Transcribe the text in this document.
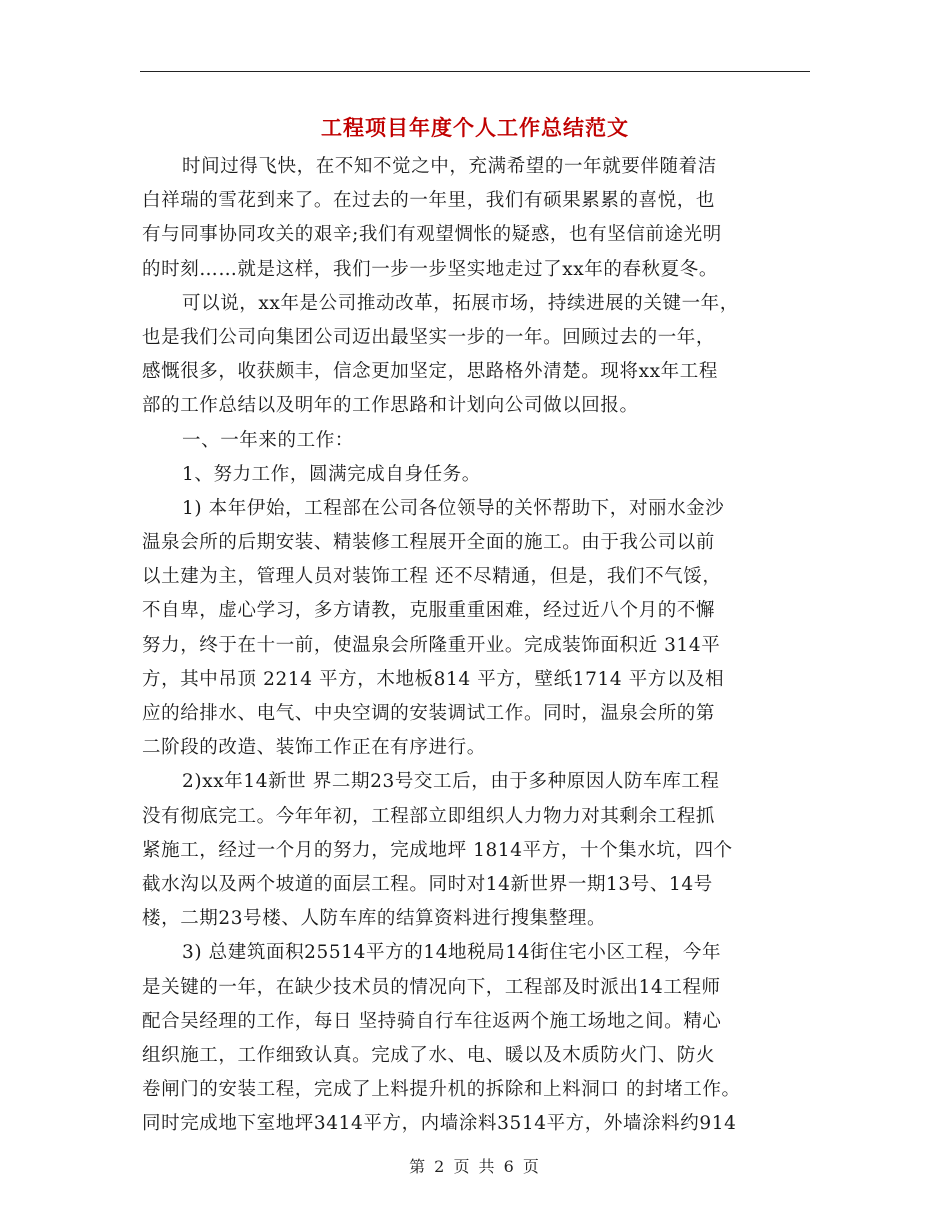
工程项目年度个人工作总结范文
时间过得飞快，在不知不觉之中，充满希望的一年就要伴随着洁
白祥瑞的雪花到来了。在过去的一年里，我们有硕果累累的喜悦，也
有与同事协同攻关的艰辛;我们有观望惆怅的疑惑，也有坚信前途光明
的时刻……就是这样，我们一步一步坚实地走过了xx年的春秋夏冬。
可以说，xx年是公司推动改革，拓展市场，持续进展的关键一年，
也是我们公司向集团公司迈出最坚实一步的一年。回顾过去的一年，
感慨很多，收获颇丰，信念更加坚定，思路格外清楚。现将xx年工程
部的工作总结以及明年的工作思路和计划向公司做以回报。
一、一年来的工作：
1、努力工作，圆满完成自身任务。
1) 本年伊始，工程部在公司各位领导的关怀帮助下，对丽水金沙
温泉会所的后期安装、精装修工程展开全面的施工。由于我公司以前
以土建为主，管理人员对装饰工程 还不尽精通，但是，我们不气馁，
不自卑，虚心学习，多方请教，克服重重困难，经过近八个月的不懈
努力，终于在十一前，使温泉会所隆重开业。完成装饰面积近 314平
方，其中吊顶 2214 平方，木地板814 平方，壁纸1714 平方以及相
应的给排水、电气、中央空调的安装调试工作。同时，温泉会所的第
二阶段的改造、装饰工作正在有序进行。
2)xx年14新世 界二期23号交工后，由于多种原因人防车库工程
没有彻底完工。今年年初，工程部立即组织人力物力对其剩余工程抓
紧施工，经过一个月的努力，完成地坪 1814平方，十个集水坑，四个
截水沟以及两个坡道的面层工程。同时对14新世界一期13号、14号
楼，二期23号楼、人防车库的结算资料进行搜集整理。
3) 总建筑面积25514平方的14地税局14街住宅小区工程，今年
是关键的一年，在缺少技术员的情况向下，工程部及时派出14工程师
配合吴经理的工作，每日 坚持骑自行车往返两个施工场地之间。精心
组织施工，工作细致认真。完成了水、电、暖以及木质防火门、防火
卷闸门的安装工程，完成了上料提升机的拆除和上料洞口 的封堵工作。
同时完成地下室地坪3414平方，内墙涂料3514平方，外墙涂料约914
第 2 页 共 6 页
